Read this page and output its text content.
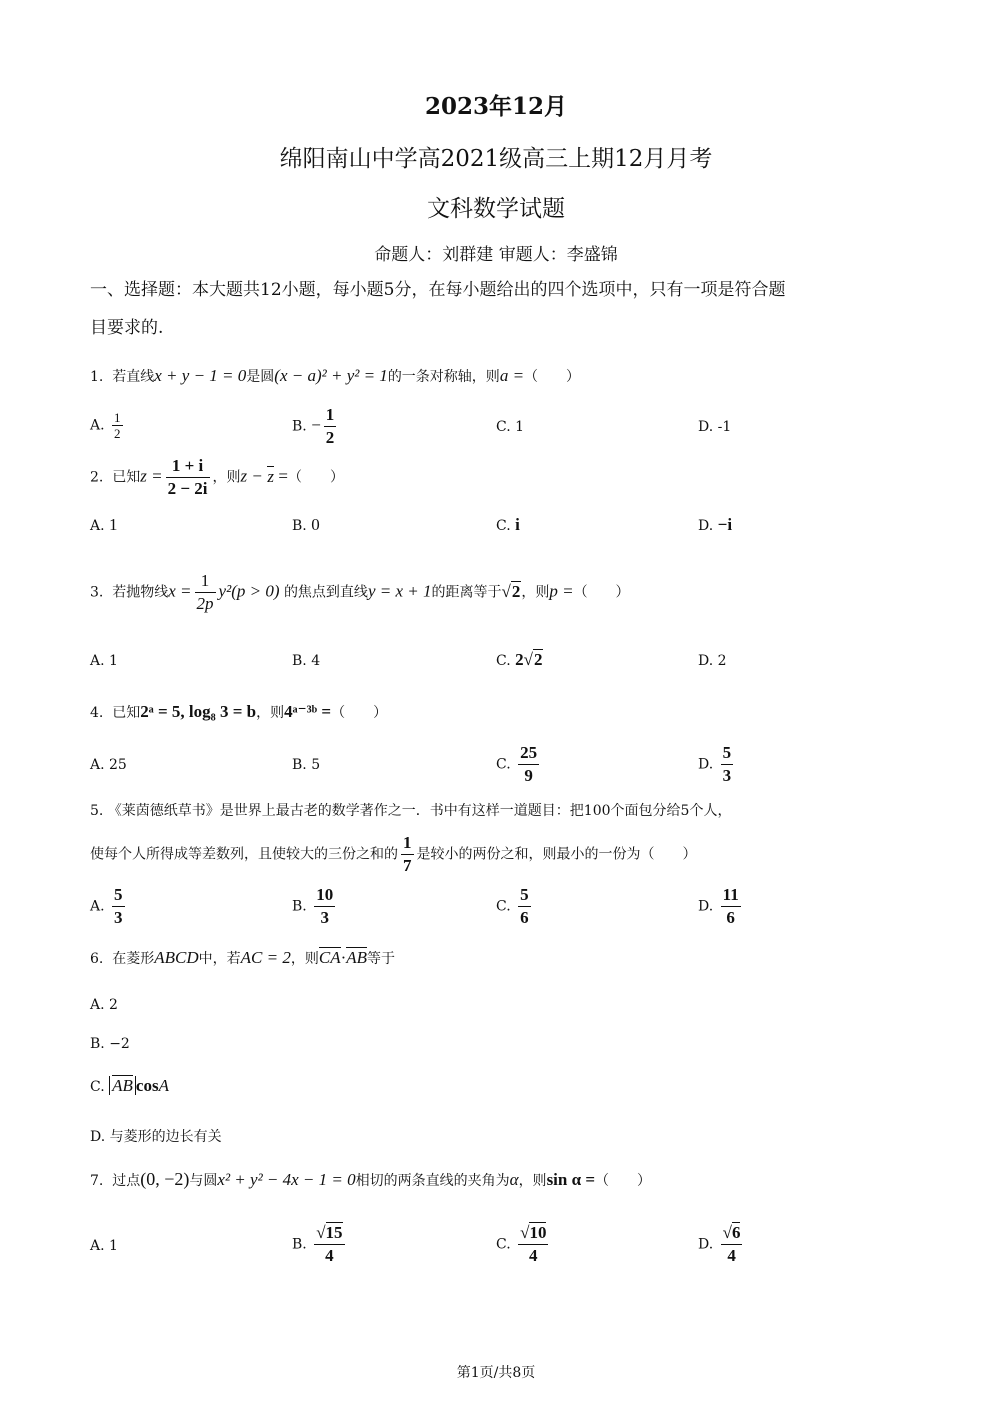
2023年12月
绵阳南山中学高2021级高三上期12月月考
文科数学试题
命题人：刘群建 审题人：李盛锦
一、选择题：本大题共12小题，每小题5分，在每小题给出的四个选项中，只有一项是符合题
目要求的.
1. 若直线x + y − 1 = 0是圆(x − a)² + y² = 1的一条对称轴，则a =（　　）
A. $\frac{1}{2}$	B. − $\frac{1}{2}$	C. 1	D. -1
2. 已知$z = \frac{1 + i}{2 - 2i}$ ，则z − z =（　　）
A. 1	B. 0	C. i	D. −i
3. 若抛物线$x = \frac{1}{2p} y^2(p > 0)$ 的焦点到直线y = x + 1的距离等于√2，则p =（　　）
A. 1	B. 4	C. 2√2	D. 2
4. 已知2ᵃ = 5, log₈ 3 = b，则4ᵃ⁻³ᵇ =（　　）
A. 25	B. 5	C. $\frac{25}{9}$	D. $\frac{5}{3}$
5. 《莱茵德纸草书》是世界上最古老的数学著作之一．书中有这样一道题目：把100个面包分给5个人，
使每个人所得成等差数列，且使较大的三份之和的 $\frac{1}{7}$ 是较小的两份之和，则最小的一份为（　　）
A. $\frac{5}{3}$	B. $\frac{10}{3}$	C. $\frac{5}{6}$	D. $\frac{11}{6}$
6. 在菱形ABCD中，若AC = 2，则CA·AB等于
A. 2
B. −2
C. AB cosA
D. 与菱形的边长有关
7. 过点(0, −2)与圆x² + y² − 4x − 1 = 0相切的两条直线的夹角为α，则sin α =（　　）
A. 1	B. $\frac{√15}{4}$	C. $\frac{√10}{4}$	D. $\frac{√6}{4}$
第1页/共8页
